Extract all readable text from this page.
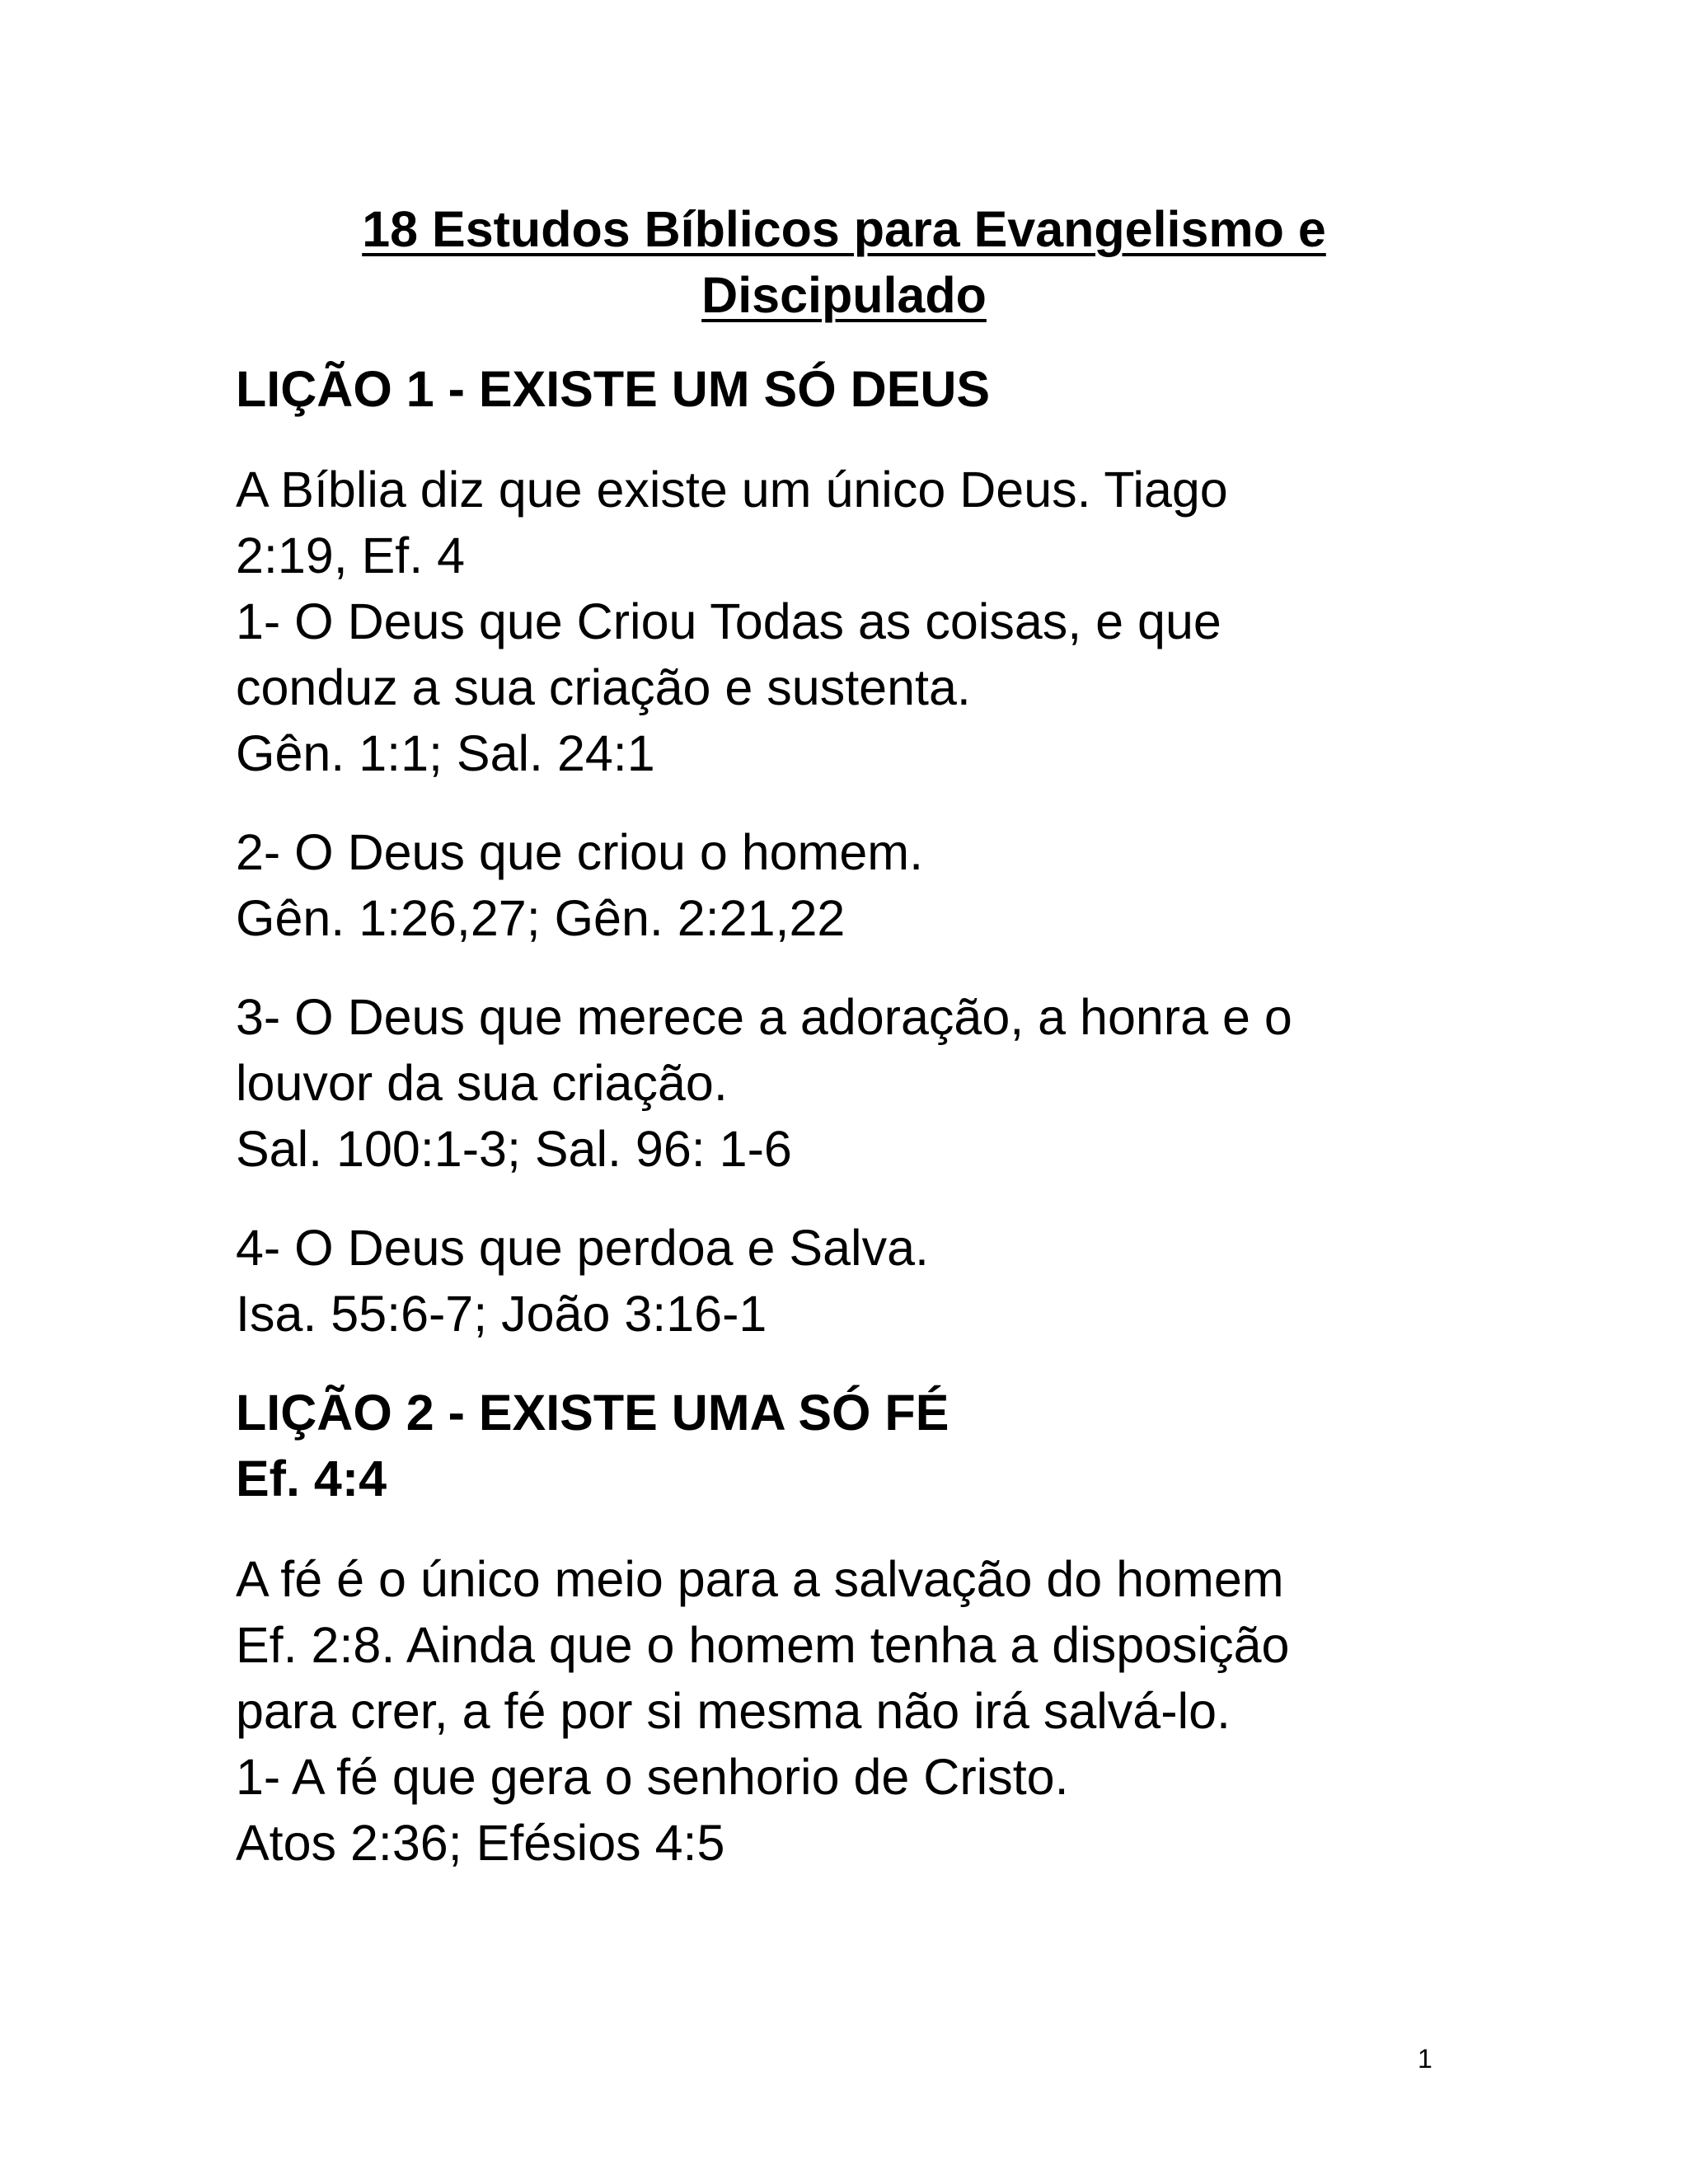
18 Estudos Bíblicos para Evangelismo e
Discipulado
LIÇÃO 1 - EXISTE UM SÓ DEUS

A Bíblia diz que existe um único Deus. Tiago
2:19, Ef. 4
1- O Deus que Criou Todas as coisas, e que
conduz a sua criação e sustenta.
Gên. 1:1; Sal. 24:1

2- O Deus que criou o homem.
Gên. 1:26,27; Gên. 2:21,22

3- O Deus que merece a adoração, a honra e o
louvor da sua criação.
Sal. 100:1-3; Sal. 96: 1-6

4- O Deus que perdoa e Salva.
Isa. 55:6-7; João 3:16-1

LIÇÃO 2 - EXISTE UMA SÓ FÉ
Ef. 4:4

A fé é o único meio para a salvação do homem
Ef. 2:8. Ainda que o homem tenha a disposição
para crer, a fé por si mesma não irá salvá-lo.
1- A fé que gera o senhorio de Cristo.
Atos 2:36; Efésios 4:5

1
